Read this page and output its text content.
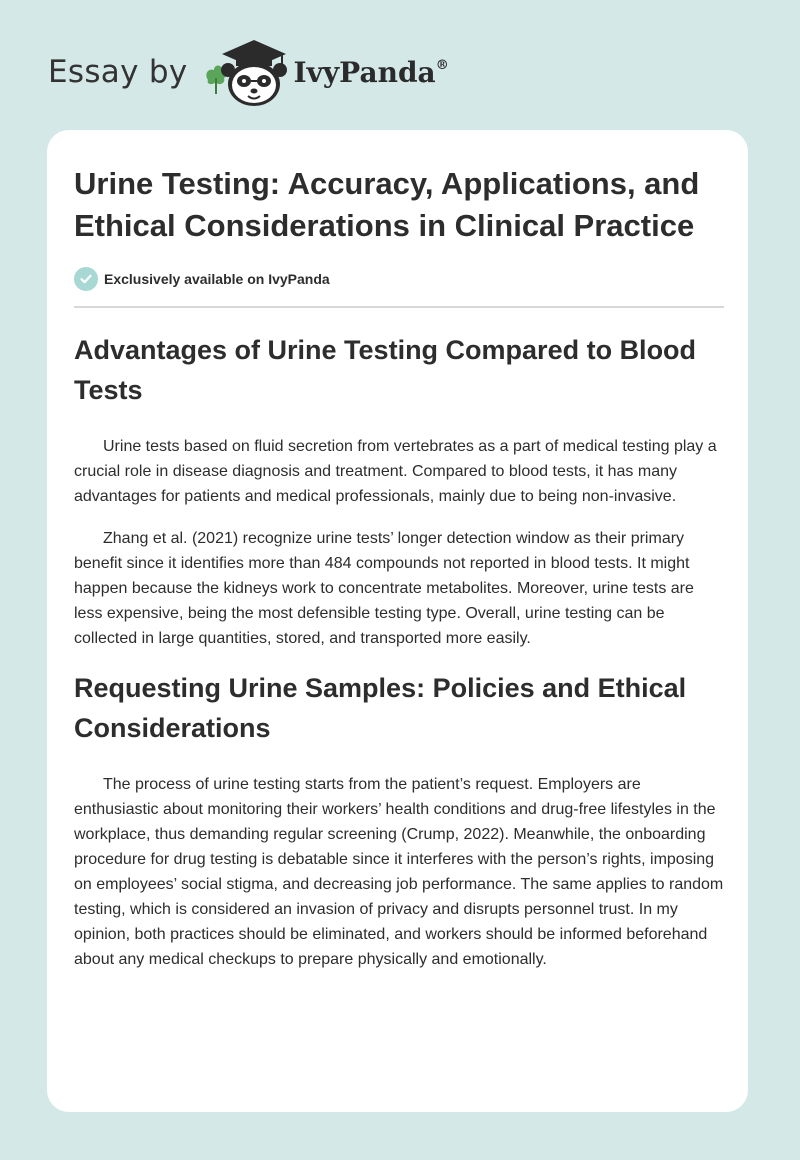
Essay by	IvyPanda®
Urine Testing: Accuracy, Applications, and Ethical Considerations in Clinical Practice
Exclusively available on IvyPanda
Advantages of Urine Testing Compared to Blood Tests

Urine tests based on fluid secretion from vertebrates as a part of medical testing play a crucial role in disease diagnosis and treatment. Compared to blood tests, it has many advantages for patients and medical professionals, mainly due to being non-invasive.

Zhang et al. (2021) recognize urine tests’ longer detection window as their primary benefit since it identifies more than 484 compounds not reported in blood tests. It might happen because the kidneys work to concentrate metabolites. Moreover, urine tests are less expensive, being the most defensible testing type. Overall, urine testing can be collected in large quantities, stored, and transported more easily.

Requesting Urine Samples: Policies and Ethical Considerations

The process of urine testing starts from the patient’s request. Employers are enthusiastic about monitoring their workers’ health conditions and drug-free lifestyles in the workplace, thus demanding regular screening (Crump, 2022). Meanwhile, the onboarding procedure for drug testing is debatable since it interferes with the person’s rights, imposing on employees’ social stigma, and decreasing job performance. The same applies to random testing, which is considered an invasion of privacy and disrupts personnel trust. In my opinion, both practices should be eliminated, and workers should be informed beforehand about any medical checkups to prepare physically and emotionally.
